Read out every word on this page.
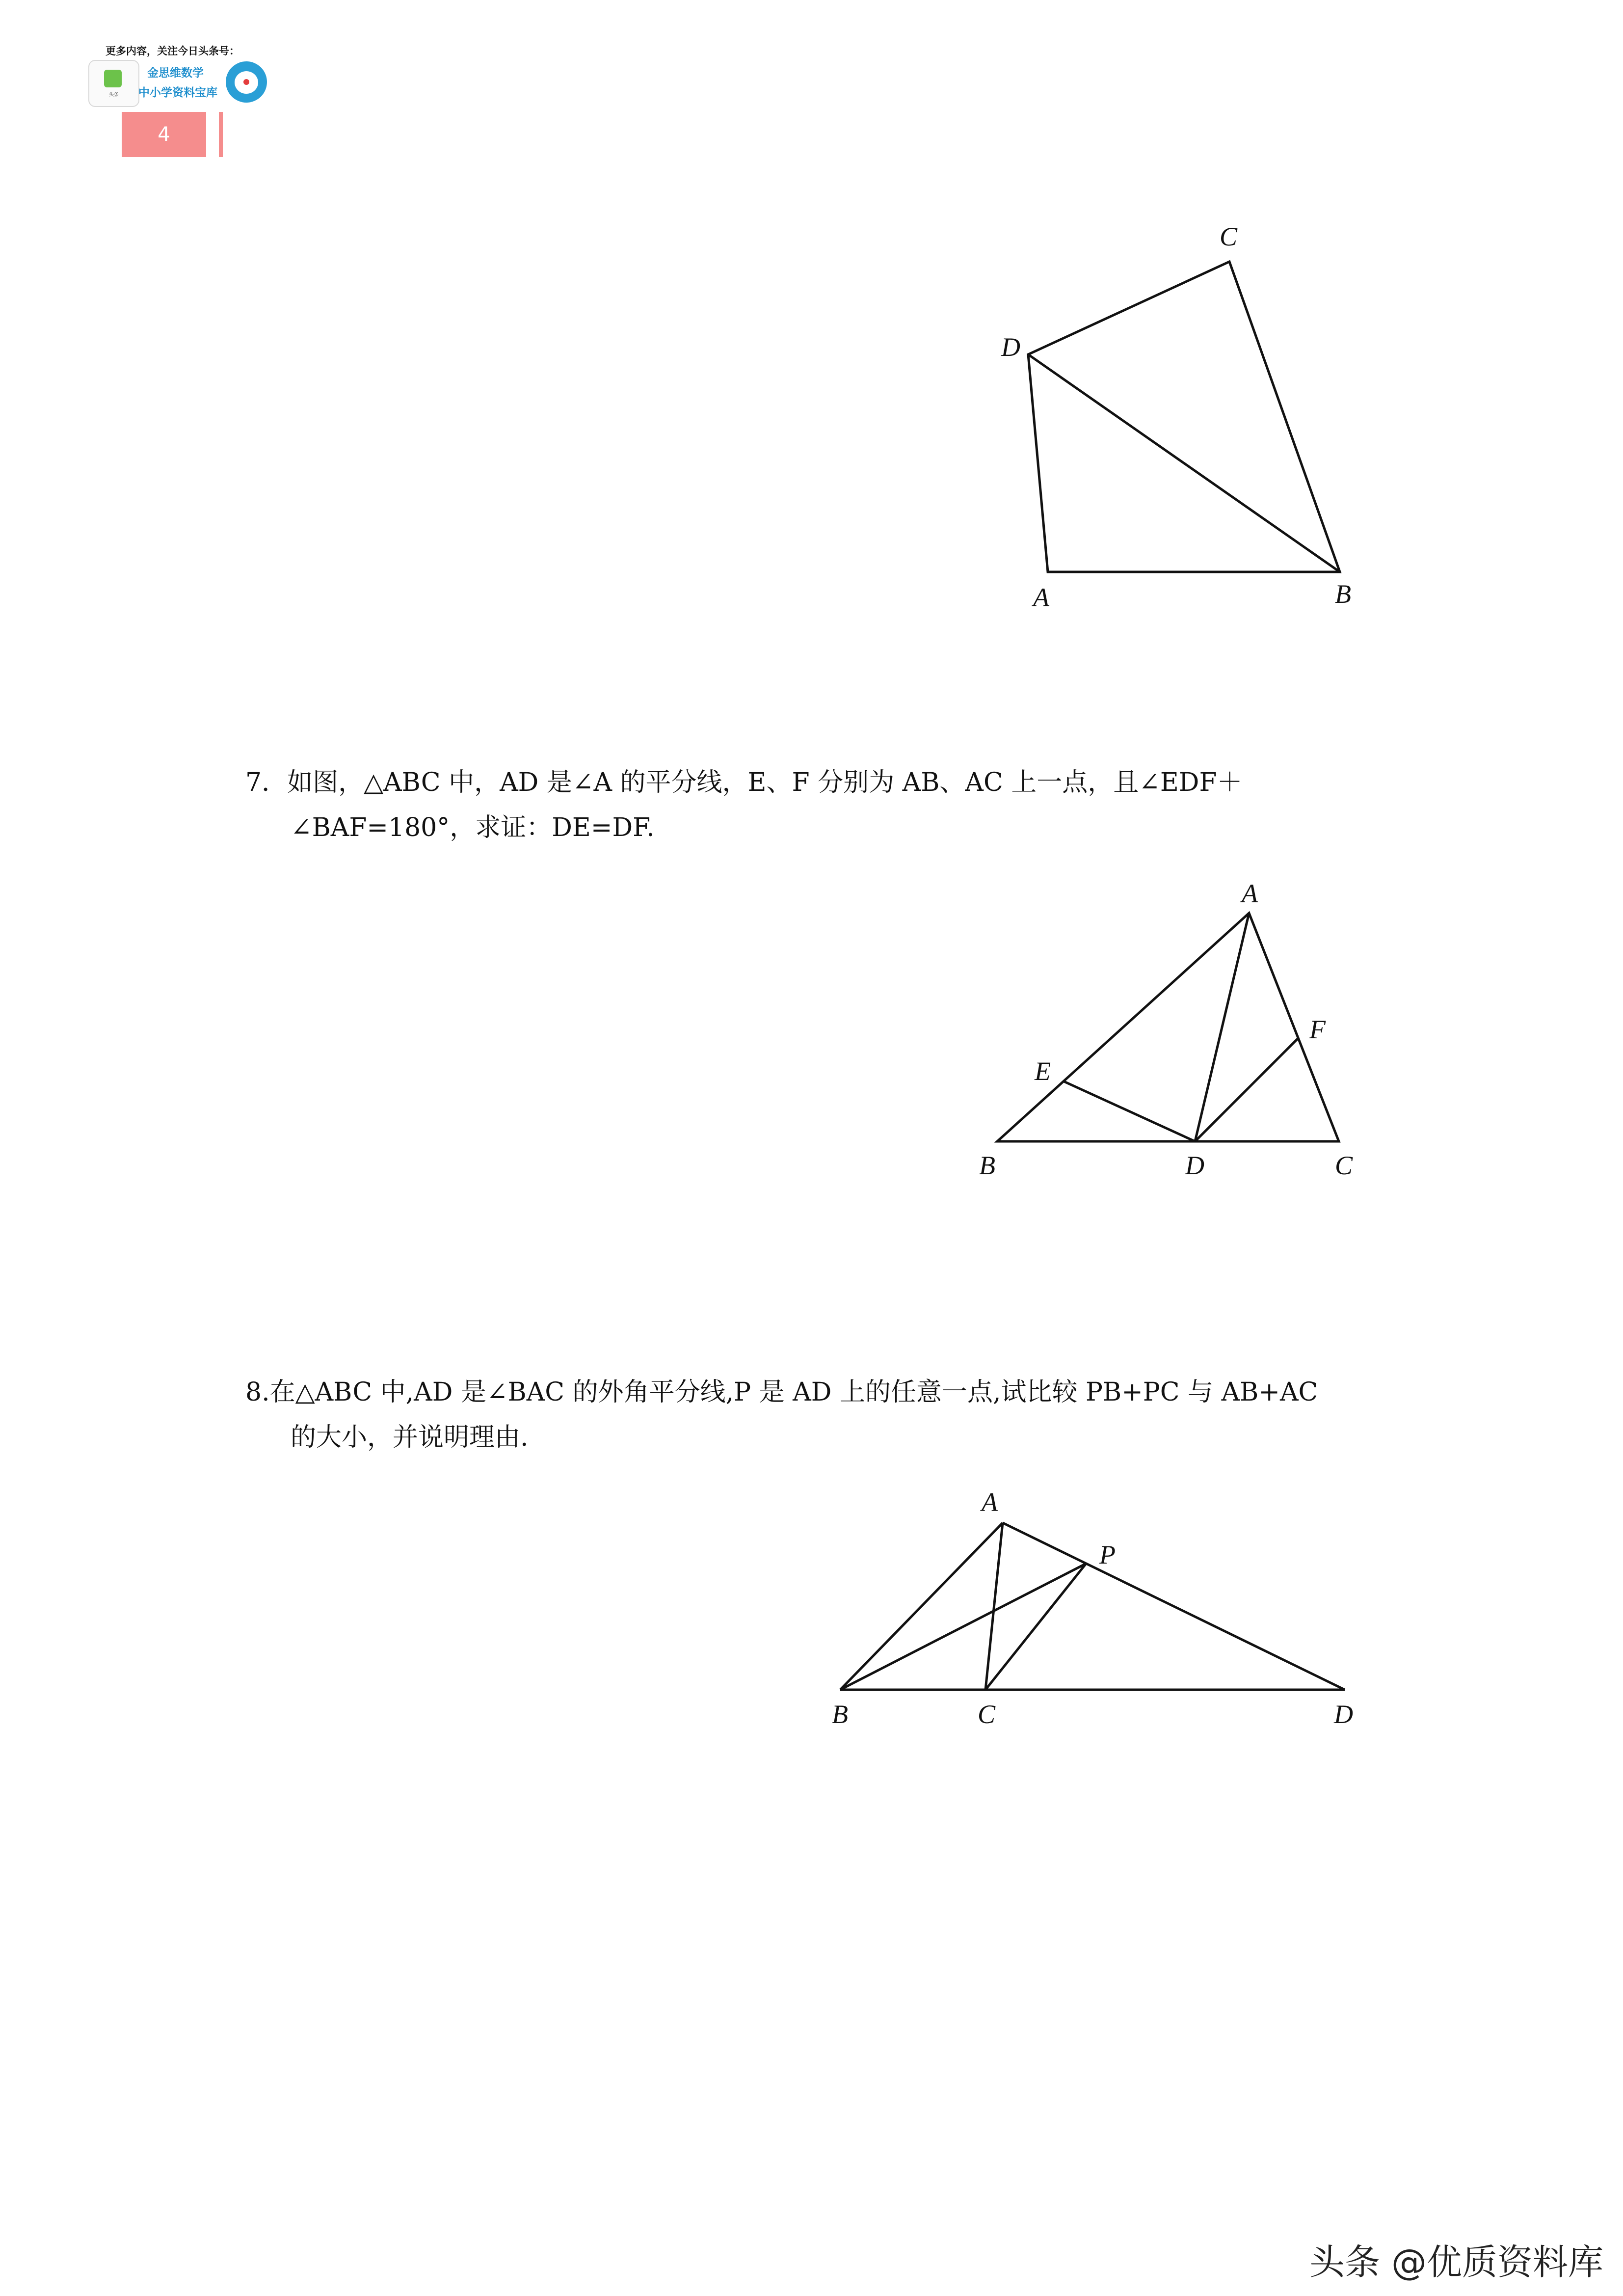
更多内容，关注今日头条号：
头条
金思维数学
中小学资料宝库
4
C
D
A	B
A
E
F
B	D	C
A
P
B	C	D
7．如图，△ABC 中，AD 是∠A 的平分线，E、F 分别为 AB、AC 上一点，且∠EDF＋
∠BAF=180°，求证：DE=DF.
8.在△ABC 中,AD 是∠BAC 的外角平分线,P 是 AD 上的任意一点,试比较 PB+PC 与 AB+AC
的大小，并说明理由.
头条 @优质资料库
